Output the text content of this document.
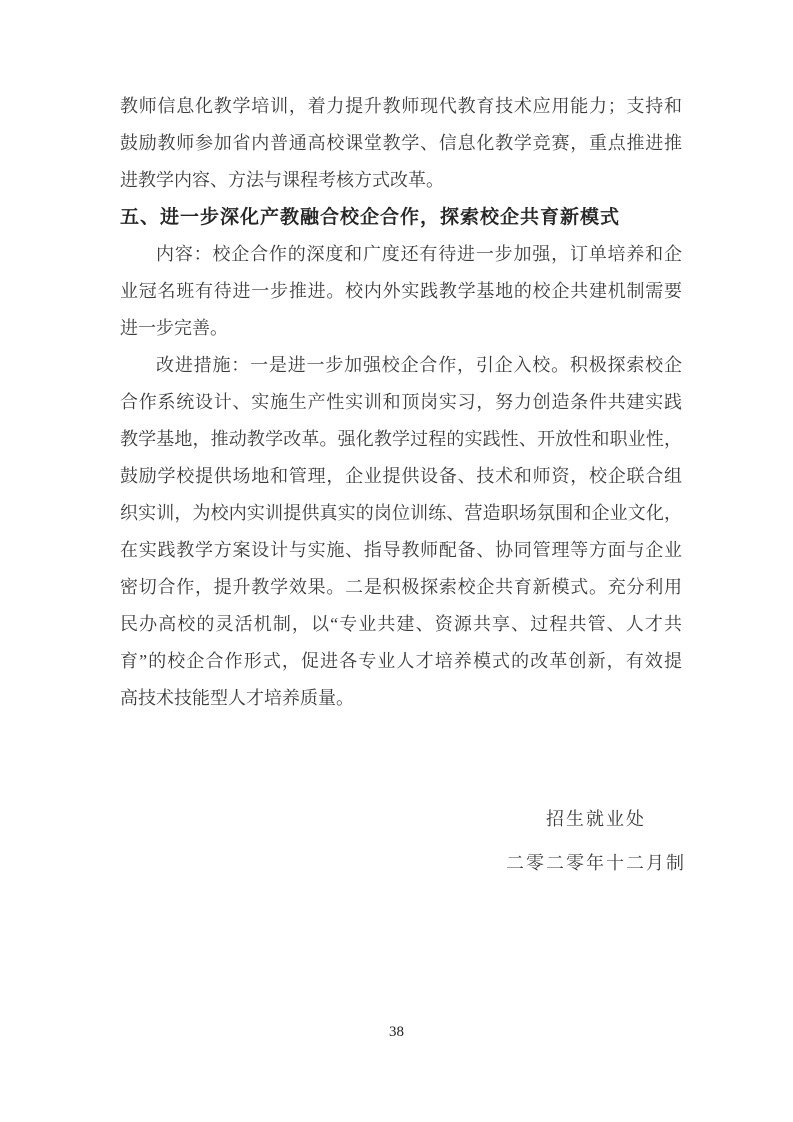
教师信息化教学培训，着力提升教师现代教育技术应用能力；支持和
鼓励教师参加省内普通高校课堂教学、信息化教学竞赛，重点推进推
进教学内容、方法与课程考核方式改革。
五、进一步深化产教融合校企合作，探索校企共育新模式
内容：校企合作的深度和广度还有待进一步加强，订单培养和企
业冠名班有待进一步推进。校内外实践教学基地的校企共建机制需要
进一步完善。
改进措施：一是进一步加强校企合作，引企入校。积极探索校企
合作系统设计、实施生产性实训和顶岗实习，努力创造条件共建实践
教学基地，推动教学改革。强化教学过程的实践性、开放性和职业性，
鼓励学校提供场地和管理，企业提供设备、技术和师资，校企联合组
织实训，为校内实训提供真实的岗位训练、营造职场氛围和企业文化，
在实践教学方案设计与实施、指导教师配备、协同管理等方面与企业
密切合作，提升教学效果。二是积极探索校企共育新模式。充分利用
民办高校的灵活机制，以“专业共建、资源共享、过程共管、人才共
育”的校企合作形式，促进各专业人才培养模式的改革创新，有效提
高技术技能型人才培养质量。
招生就业处
二零二零年十二月制
38
